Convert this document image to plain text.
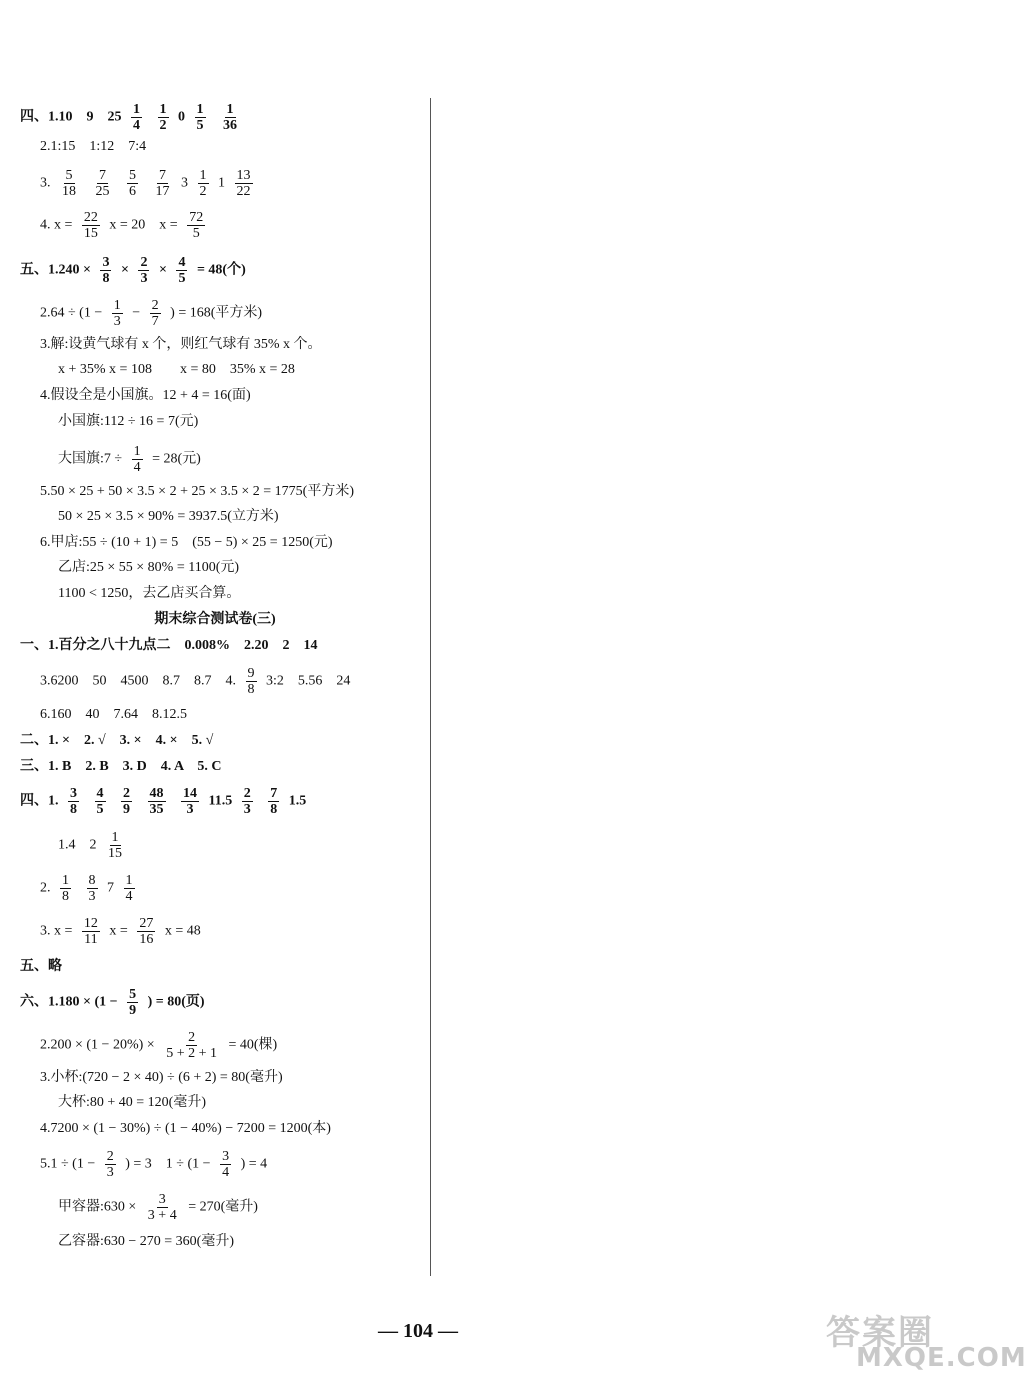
四、1.10　9　$25 \frac{1}{4}$
$\frac{1}{2} 0 \frac{1}{5}$
$\frac{1}{36}$
2.1:15　1:12　7:4
3. $\frac{5}{18}$
$\frac{7}{25}$
$\frac{5}{6}$
$\frac{7}{17} 3 \frac{1}{2} 1 \frac{13}{22}$
4. $x = \frac{22}{15}$ x = 20　$x = \frac{72}{5}$
五、$1.240 \times \frac{3}{8} \times \frac{2}{3} \times \frac{4}{5} = 48$(个)
$2.64 \div (1 - \frac{1}{3} - \frac{2}{7}$ ) = 168(平方米)
3.解:设黄气球有 x 个，则红气球有 35% x 个。
x + 35% x = 108　　x = 80　35% x = 28
4.假设全是小国旗。12 + 4 = 16(面)
小国旗:112 ÷ 16 = 7(元)
大国旗:7 ÷ $\frac{1}{4} = 28$(元)
5.50 × 25 + 50 × 3.5 × 2 + 25 × 3.5 × 2 = 1775(平方米)
50 × 25 × 3.5 × 90% = 3937.5(立方米)
6.甲店:55 ÷ (10 + 1) = 5　(55 − 5) × 25 = 1250(元)
乙店:25 × 55 × 80% = 1100(元)
1100 < 1250，去乙店买合算。
期末综合测试卷(三)
一、1.百分之八十九点二　0.008%　2.20　2　14
3.6200　50　4500　8.7　8.7　4. $\frac{9}{8}$ 3:2　5.56　24
6.160　40　7.64　8.12.5
二、1. ×　2. √　3. ×　4. ×　5. √
三、1. B　2. B　3. D　4. A　5. C
四、1. $\frac{3}{8}$
$\frac{4}{5}$
$\frac{2}{9}$
$\frac{48}{35}$
$\frac{14}{3} 11.5 \frac{2}{3}$
$\frac{7}{8} 1.5$
1.4　$2 \frac{1}{15}$
2. $\frac{1}{8}$
$\frac{8}{3} 7 \frac{1}{4}$
3. $x = \frac{12}{11}$ $x = \frac{27}{16}$ x = 48
五、略
六、$1.180 \times (1 - \frac{5}{9}$ ) = 80(页)
$2.200 \times (1 - 20\%) \times \frac{2}{5 + 2 + 1} = 40$(棵)
3.小杯:(720 − 2 × 40) ÷ (6 + 2) = 80(毫升)
大杯:80 + 40 = 120(毫升)
4.7200 × (1 − 30%) ÷ (1 − 40%) − 7200 = 1200(本)
$5.1 \div (1 - \frac{2}{3}$ ) = 3　$1 \div (1 - \frac{3}{4}$ ) = 4
甲容器:630 × $\frac{3}{3 + 4} = 270$(毫升)
乙容器:630 − 270 = 360(毫升)
— 104 —	答案圈
MXQE.COM
